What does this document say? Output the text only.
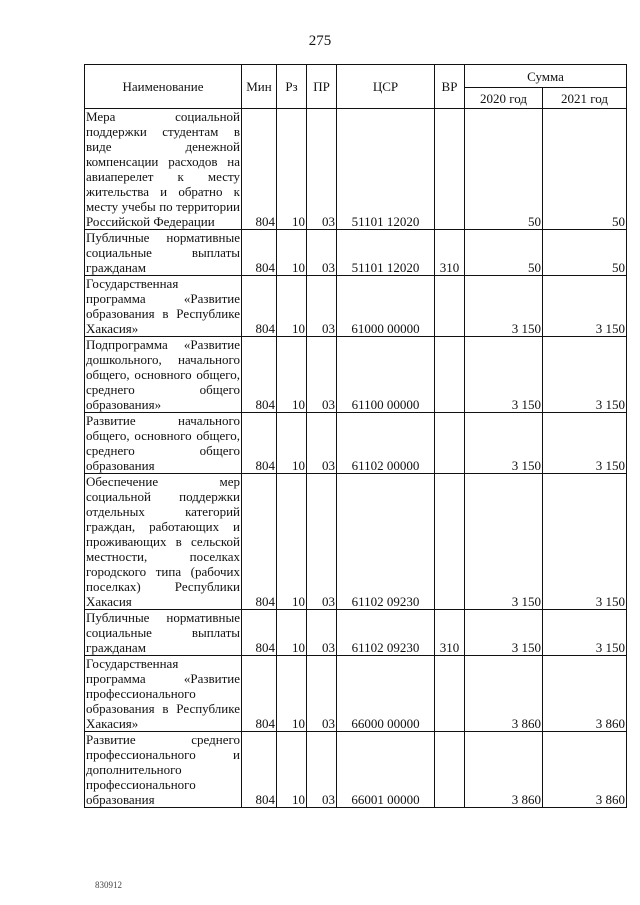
275
Наименование	Мин	Рз	ПР	ЦСР	ВР	Сумма	
						2020 год	2021 год
Мера социальной поддержки студентам в виде денежной компенсации расходов на авиаперелет к месту жительства и обратно к месту учебы по территории Российской Федерации	804	10	03	51101 12020		50	50
Публичные нормативные социальные выплаты гражданам	804	10	03	51101 12020	310	50	50
Государственная программа «Развитие образования в Республике Хакасия»	804	10	03	61000 00000		3 150	3 150
Подпрограмма «Развитие дошкольного, начального общего, основного общего, среднего общего образования»	804	10	03	61100 00000		3 150	3 150
Развитие начального общего, основного общего, среднего общего образования	804	10	03	61102 00000		3 150	3 150
Обеспечение мер социальной поддержки отдельных категорий граждан, работающих и проживающих в сельской местности, поселках городского типа (рабочих поселках) Республики Хакасия	804	10	03	61102 09230		3 150	3 150
Публичные нормативные социальные выплаты гражданам	804	10	03	61102 09230	310	3 150	3 150
Государственная программа «Развитие профессионального образования в Республике Хакасия»	804	10	03	66000 00000		3 860	3 860
Развитие среднего профессионального и дополнительного профессионального образования	804	10	03	66001 00000		3 860	3 860
830912
